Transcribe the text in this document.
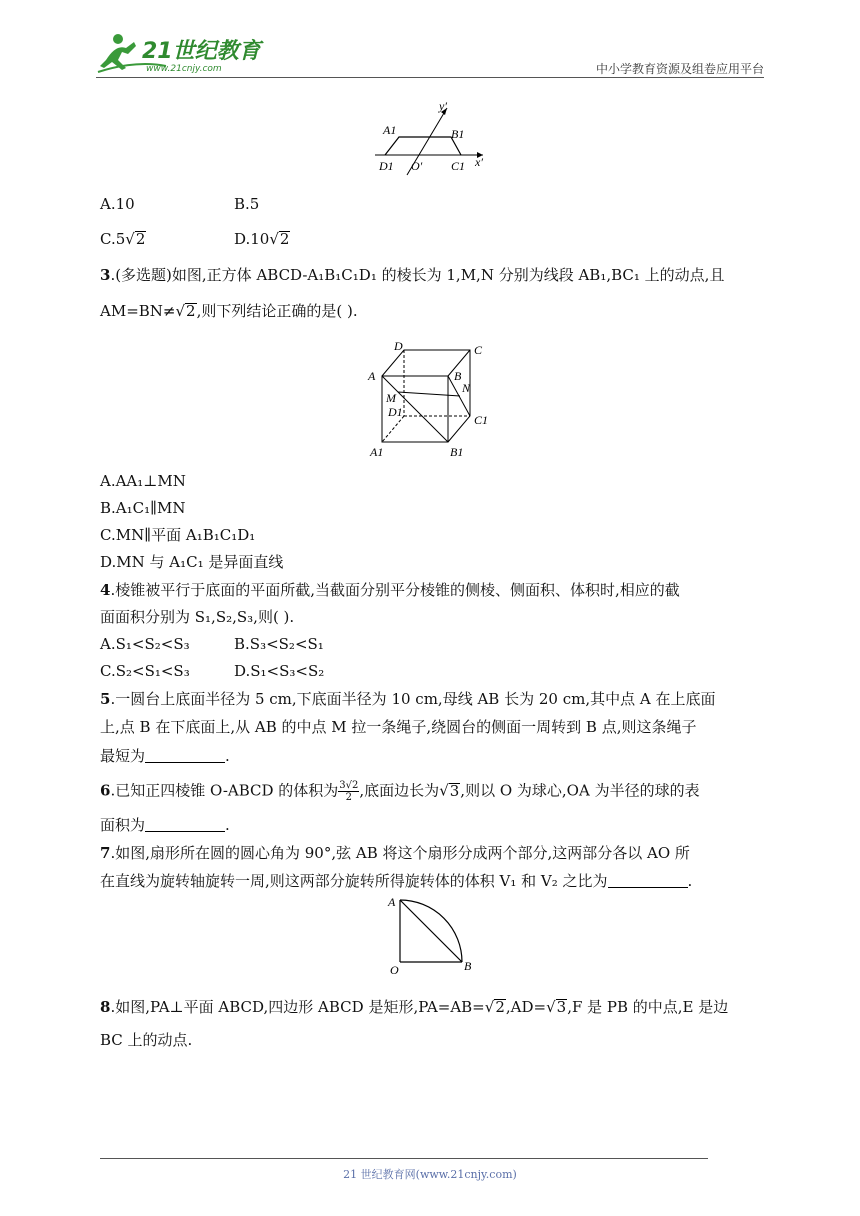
21世纪教育
www.21cnjy.com	中小学教育资源及组卷应用平台
y′
x′
A1	B1
D1 O′ C1
A.10	B.5
C.5√2	D.10√2
3.(多选题)如图,正方体 ABCD-A₁B₁C₁D₁ 的棱长为 1,M,N 分别为线段 AB₁,BC₁ 上的动点,且
AM=BN≠√2,则下列结论正确的是( ).
D	C
A	B
N
M
D1
C1
A1	B1
A.AA₁⊥MN
B.A₁C₁∥MN
C.MN∥平面 A₁B₁C₁D₁
D.MN 与 A₁C₁ 是异面直线
4.棱锥被平行于底面的平面所截,当截面分别平分棱锥的侧棱、侧面积、体积时,相应的截
面面积分别为 S₁,S₂,S₃,则( ).
A.S₁<S₂<S₃	B.S₃<S₂<S₁
C.S₂<S₁<S₃	D.S₁<S₃<S₂
5.一圆台上底面半径为 5 cm,下底面半径为 10 cm,母线 AB 长为 20 cm,其中点 A 在上底面
上,点 B 在下底面上,从 AB 的中点 M 拉一条绳子,绕圆台的侧面一周转到 B 点,则这条绳子
最短为	.
6.已知正四棱锥 O-ABCD 的体积为 $\frac{3√2}{2}$ ,底面边长为√3,则以 O 为球心,OA 为半径的球的表
面积为	.
7.如图,扇形所在圆的圆心角为 90°,弦 AB 将这个扇形分成两个部分,这两部分各以 AO 所
在直线为旋转轴旋转一周,则这两部分旋转所得旋转体的体积 V₁ 和 V₂ 之比为	.
A
O	B
8.如图,PA⊥平面 ABCD,四边形 ABCD 是矩形,PA=AB=√2,AD=√3,F 是 PB 的中点,E 是边
BC 上的动点.
21 世纪教育网(www.21cnjy.com)
